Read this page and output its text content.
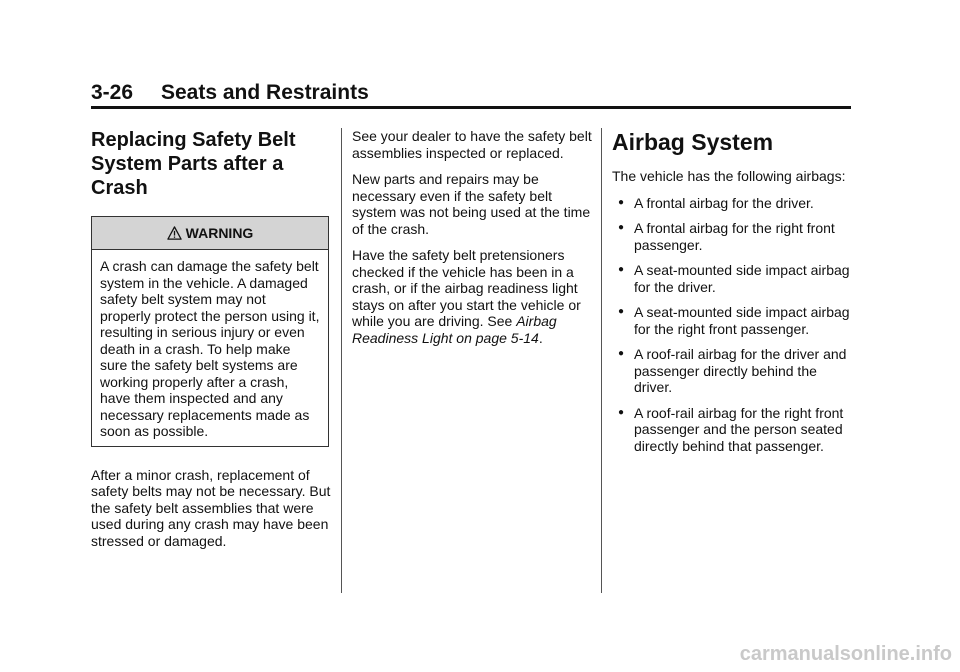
3-26 Seats and Restraints
Replacing Safety Belt System Parts after a Crash
WARNING

A crash can damage the safety belt system in the vehicle. A damaged safety belt system may not properly protect the person using it, resulting in serious injury or even death in a crash. To help make sure the safety belt systems are working properly after a crash, have them inspected and any necessary replacements made as soon as possible.

After a minor crash, replacement of safety belts may not be necessary. But the safety belt assemblies that were used during any crash may have been stressed or damaged.

See your dealer to have the safety belt assemblies inspected or replaced.

New parts and repairs may be necessary even if the safety belt system was not being used at the time of the crash.

Have the safety belt pretensioners checked if the vehicle has been in a crash, or if the airbag readiness light stays on after you start the vehicle or while you are driving. See Airbag Readiness Light on page 5-14.

Airbag System

The vehicle has the following airbags:

● A frontal airbag for the driver.
● A frontal airbag for the right front passenger.
● A seat-mounted side impact airbag for the driver.
● A seat-mounted side impact airbag for the right front passenger.
● A roof-rail airbag for the driver and passenger directly behind the driver.
● A roof-rail airbag for the right front passenger and the person seated directly behind that passenger.
carmanualsonline.info
